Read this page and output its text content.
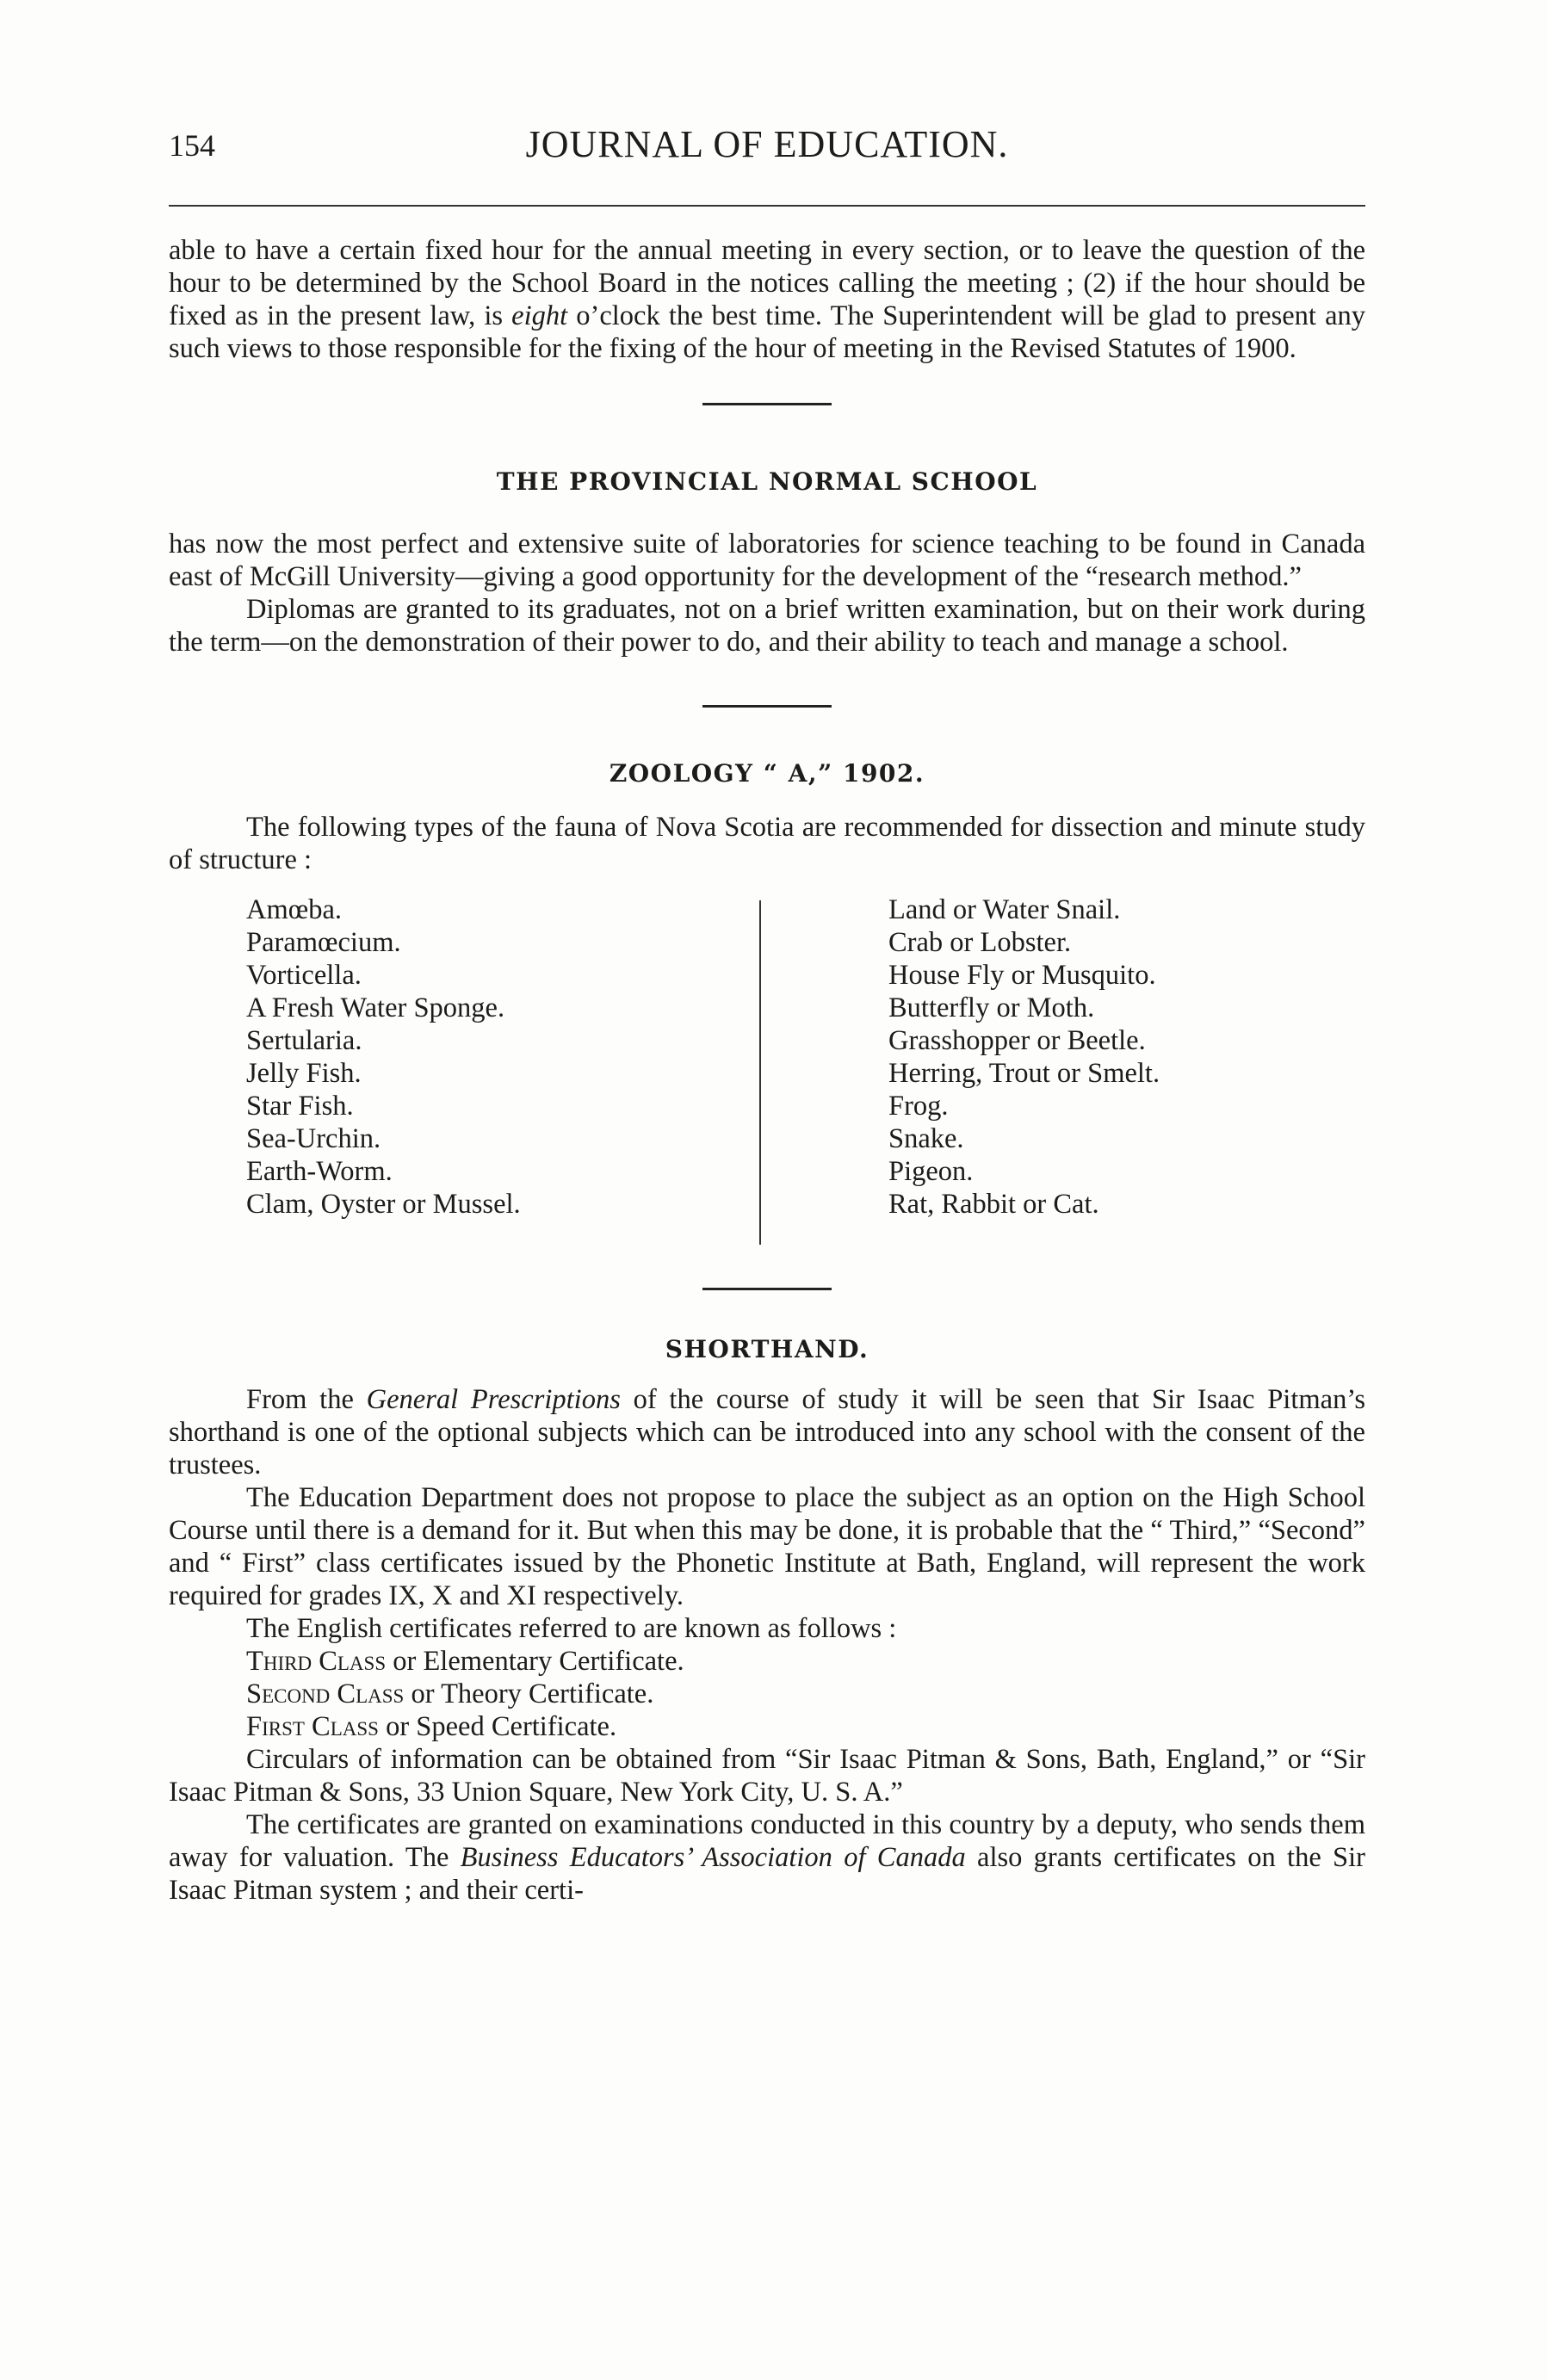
154	JOURNAL OF EDUCATION.

able to have a certain fixed hour for the annual meeting in every section, or to leave the question of the hour to be determined by the School Board in the notices calling the meeting ; (2) if the hour should be fixed as in the present law, is eight o’clock the best time. The Superintendent will be glad to present any such views to those responsible for the fixing of the hour of meeting in the Revised Statutes of 1900.

THE PROVINCIAL NORMAL SCHOOL

has now the most perfect and extensive suite of laboratories for science teaching to be found in Canada east of McGill University—giving a good opportunity for the development of the “research method.”

Diplomas are granted to its graduates, not on a brief written examination, but on their work during the term—on the demonstration of their power to do, and their ability to teach and manage a school.

ZOOLOGY “ A,” 1902.

The following types of the fauna of Nova Scotia are recommended for dissection and minute study of structure :

Amœba.
Paramœcium.
Vorticella.
A Fresh Water Sponge.
Sertularia.
Jelly Fish.
Star Fish.
Sea-Urchin.
Earth-Worm.
Clam, Oyster or Mussel.
Land or Water Snail.
Crab or Lobster.
House Fly or Musquito.
Butterfly or Moth.
Grasshopper or Beetle.
Herring, Trout or Smelt.
Frog.
Snake.
Pigeon.
Rat, Rabbit or Cat.
SHORTHAND.

From the General Prescriptions of the course of study it will be seen that Sir Isaac Pitman’s shorthand is one of the optional subjects which can be introduced into any school with the consent of the trustees.

The Education Department does not propose to place the subject as an option on the High School Course until there is a demand for it. But when this may be done, it is probable that the “ Third,” “Second” and “ First” class certificates issued by the Phonetic Institute at Bath, England, will represent the work required for grades IX, X and XI respectively.

The English certificates referred to are known as follows :

Third Class or Elementary Certificate.

Second Class or Theory Certificate.

First Class or Speed Certificate.

Circulars of information can be obtained from “Sir Isaac Pitman & Sons, Bath, England,” or “Sir Isaac Pitman & Sons, 33 Union Square, New York City, U. S. A.”

The certificates are granted on examinations conducted in this country by a deputy, who sends them away for valuation. The Business Educators’ Association of Canada also grants certificates on the Sir Isaac Pitman system ; and their certi-
